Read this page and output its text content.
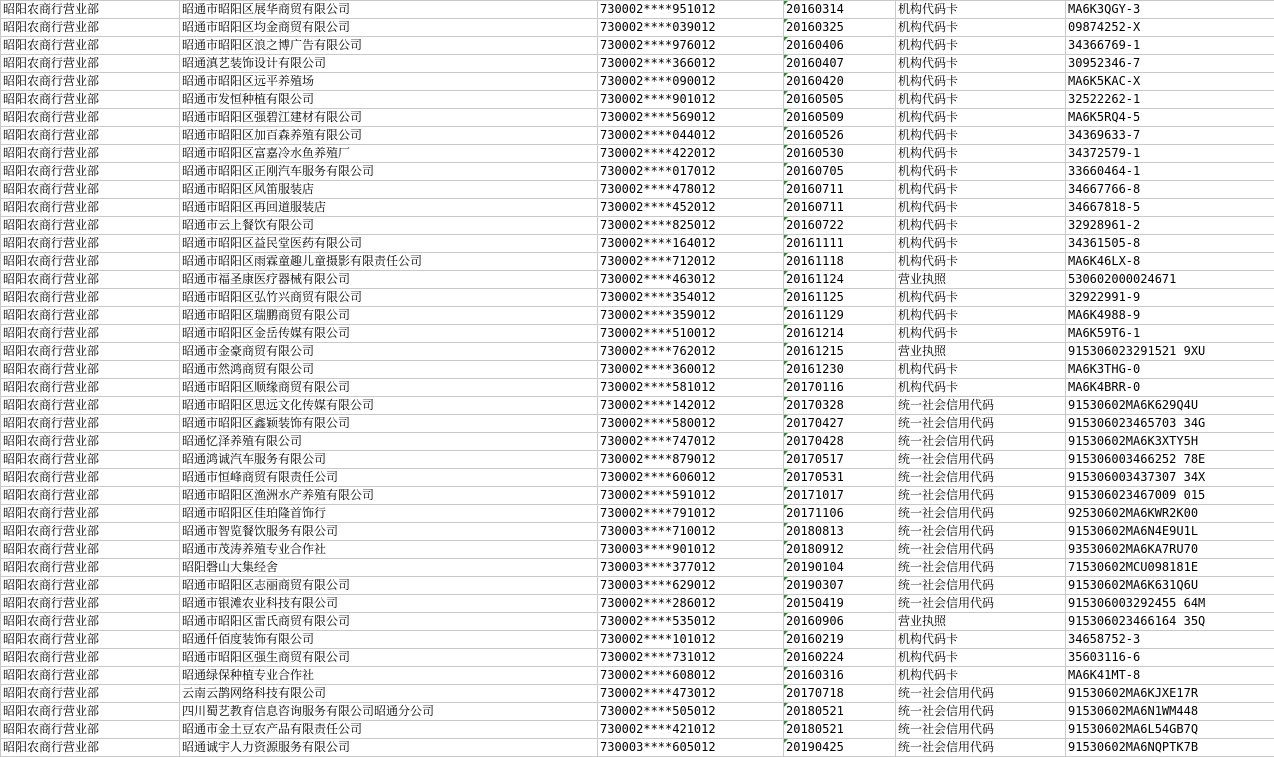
昭阳农商行营业部	昭通市昭阳区展华商贸有限公司	730002****951012	20160314	机构代码卡	MA6K3QGY-3
昭阳农商行营业部	昭通市昭阳区均金商贸有限公司	730002****039012	20160325	机构代码卡	09874252-X
昭阳农商行营业部	昭通市昭阳区浪之博广告有限公司	730002****976012	20160406	机构代码卡	34366769-1
昭阳农商行营业部	昭通滇艺装饰设计有限公司	730002****366012	20160407	机构代码卡	30952346-7
昭阳农商行营业部	昭通市昭阳区远平养殖场	730002****090012	20160420	机构代码卡	MA6K5KAC-X
昭阳农商行营业部	昭通市发恒种植有限公司	730002****901012	20160505	机构代码卡	32522262-1
昭阳农商行营业部	昭通市昭阳区强碧江建材有限公司	730002****569012	20160509	机构代码卡	MA6K5RQ4-5
昭阳农商行营业部	昭通市昭阳区加百森养殖有限公司	730002****044012	20160526	机构代码卡	34369633-7
昭阳农商行营业部	昭通市昭阳区富嘉冷水鱼养殖厂	730002****422012	20160530	机构代码卡	34372579-1
昭阳农商行营业部	昭通市昭阳区正刚汽车服务有限公司	730002****017012	20160705	机构代码卡	33660464-1
昭阳农商行营业部	昭通市昭阳区风笛服装店	730002****478012	20160711	机构代码卡	34667766-8
昭阳农商行营业部	昭通市昭阳区再回道服装店	730002****452012	20160711	机构代码卡	34667818-5
昭阳农商行营业部	昭通市云上餐饮有限公司	730002****825012	20160722	机构代码卡	32928961-2
昭阳农商行营业部	昭通市昭阳区益民堂医药有限公司	730002****164012	20161111	机构代码卡	34361505-8
昭阳农商行营业部	昭通市昭阳区雨霖童趣儿童摄影有限责任公司	730002****712012	20161118	机构代码卡	MA6K46LX-8
昭阳农商行营业部	昭通市福圣康医疗器械有限公司	730002****463012	20161124	营业执照	530602000024671
昭阳农商行营业部	昭通市昭阳区弘竹兴商贸有限公司	730002****354012	20161125	机构代码卡	32922991-9
昭阳农商行营业部	昭通市昭阳区瑞鹏商贸有限公司	730002****359012	20161129	机构代码卡	MA6K4988-9
昭阳农商行营业部	昭通市昭阳区金岳传媒有限公司	730002****510012	20161214	机构代码卡	MA6K59T6-1
昭阳农商行营业部	昭通市金豪商贸有限公司	730002****762012	20161215	营业执照	915306023291521 9XU
昭阳农商行营业部	昭通市然鸿商贸有限公司	730002****360012	20161230	机构代码卡	MA6K3THG-0
昭阳农商行营业部	昭通市昭阳区顺缘商贸有限公司	730002****581012	20170116	机构代码卡	MA6K4BRR-0
昭阳农商行营业部	昭通市昭阳区思远文化传媒有限公司	730002****142012	20170328	统一社会信用代码	91530602MA6K629Q4U
昭阳农商行营业部	昭通市昭阳区鑫颖装饰有限公司	730002****580012	20170427	统一社会信用代码	915306023465703 34G
昭阳农商行营业部	昭通忆泽养殖有限公司	730002****747012	20170428	统一社会信用代码	91530602MA6K3XTY5H
昭阳农商行营业部	昭通鸿诚汽车服务有限公司	730002****879012	20170517	统一社会信用代码	915306003466252 78E
昭阳农商行营业部	昭通市恒峰商贸有限责任公司	730002****606012	20170531	统一社会信用代码	915306003437307 34X
昭阳农商行营业部	昭通市昭阳区渔洲水产养殖有限公司	730002****591012	20171017	统一社会信用代码	915306023467009 015
昭阳农商行营业部	昭通市昭阳区佳珀隆首饰行	730002****791012	20171106	统一社会信用代码	92530602MA6KWR2K00
昭阳农商行营业部	昭通市智览餐饮服务有限公司	730003****710012	20180813	统一社会信用代码	91530602MA6N4E9U1L
昭阳农商行营业部	昭通市茂涛养殖专业合作社	730003****901012	20180912	统一社会信用代码	93530602MA6KA7RU70
昭阳农商行营业部	昭阳磬山大集经舍	730003****377012	20190104	统一社会信用代码	71530602MCU098181E
昭阳农商行营业部	昭通市昭阳区志丽商贸有限公司	730003****629012	20190307	统一社会信用代码	91530602MA6K631Q6U
昭阳农商行营业部	昭通市银滩农业科技有限公司	730002****286012	20150419	统一社会信用代码	915306003292455 64M
昭阳农商行营业部	昭通市昭阳区雷氏商贸有限公司	730002****535012	20160906	营业执照	915306023466164 35Q
昭阳农商行营业部	昭通仟佰度装饰有限公司	730002****101012	20160219	机构代码卡	34658752-3
昭阳农商行营业部	昭通市昭阳区强生商贸有限公司	730002****731012	20160224	机构代码卡	35603116-6
昭阳农商行营业部	昭通绿保种植专业合作社	730002****608012	20160316	机构代码卡	MA6K41MT-8
昭阳农商行营业部	云南云鹊网络科技有限公司	730002****473012	20170718	统一社会信用代码	91530602MA6KJXE17R
昭阳农商行营业部	四川蜀艺教育信息咨询服务有限公司昭通分公司	730002****505012	20180521	统一社会信用代码	91530602MA6N1WM448
昭阳农商行营业部	昭通市金土豆农产品有限责任公司	730002****421012	20180521	统一社会信用代码	91530602MA6L54GB7Q
昭阳农商行营业部	昭通诚宇人力资源服务有限公司	730003****605012	20190425	统一社会信用代码	91530602MA6NQPTK7B
